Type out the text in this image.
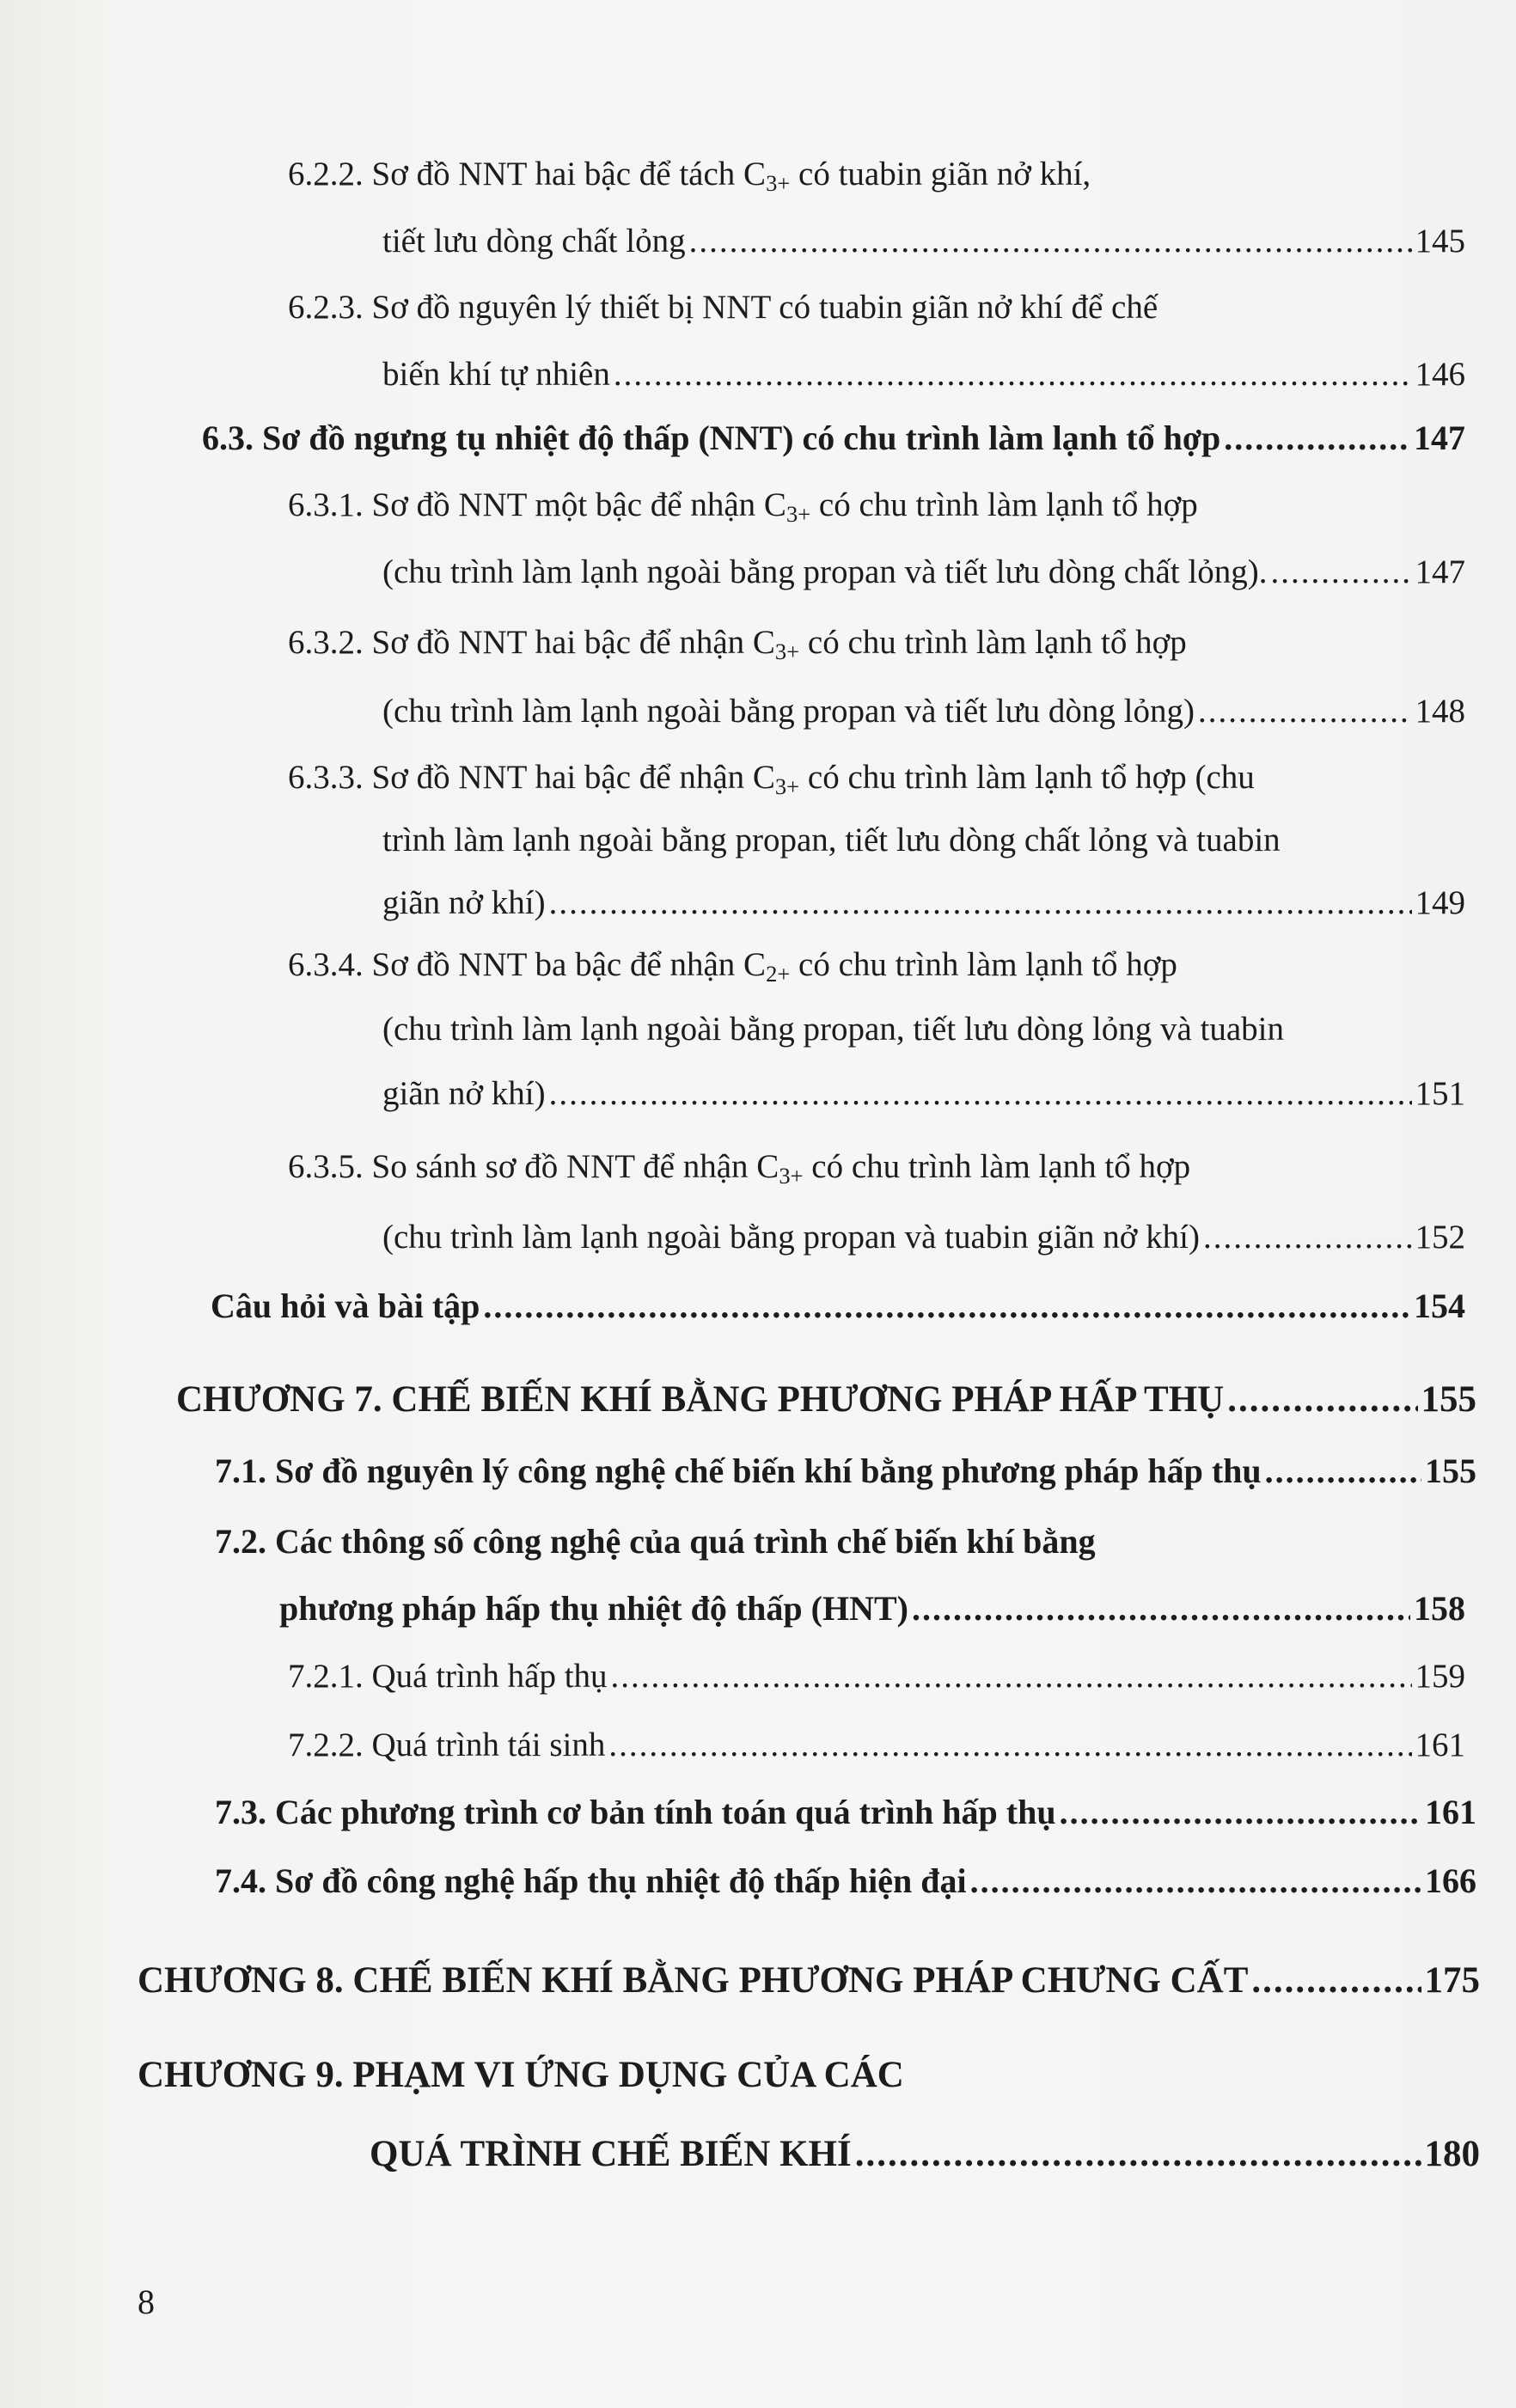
6.2.2. Sơ đồ NNT hai bậc để tách C3+ có tuabin giãn nở khí,
tiết lưu dòng chất lỏng .....	145
6.2.3. Sơ đồ nguyên lý thiết bị NNT có tuabin giãn nở khí để chế
biến khí tự nhiên .....	146
6.3. Sơ đồ ngưng tụ nhiệt độ thấp (NNT) có chu trình làm lạnh tổ hợp .....	147
6.3.1. Sơ đồ NNT một bậc để nhận C3+ có chu trình làm lạnh tổ hợp
(chu trình làm lạnh ngoài bằng propan và tiết lưu dòng chất lỏng). .....	147
6.3.2. Sơ đồ NNT hai bậc để nhận C3+ có chu trình làm lạnh tổ hợp
(chu trình làm lạnh ngoài bằng propan và tiết lưu dòng lỏng) .....	148
6.3.3. Sơ đồ NNT hai bậc để nhận C3+ có chu trình làm lạnh tổ hợp (chu
trình làm lạnh ngoài bằng propan, tiết lưu dòng chất lỏng và tuabin
giãn nở khí) .....	149
6.3.4. Sơ đồ NNT ba bậc để nhận C2+ có chu trình làm lạnh tổ hợp
(chu trình làm lạnh ngoài bằng propan, tiết lưu dòng lỏng và tuabin
giãn nở khí) .....	151
6.3.5. So sánh sơ đồ NNT để nhận C3+ có chu trình làm lạnh tổ hợp
(chu trình làm lạnh ngoài bằng propan và tuabin giãn nở khí) .....	152
Câu hỏi và bài tập .....	154
CHƯƠNG 7. CHẾ BIẾN KHÍ BẰNG PHƯƠNG PHÁP HẤP THỤ .....	155
7.1. Sơ đồ nguyên lý công nghệ chế biến khí bằng phương pháp hấp thụ .....	155
7.2. Các thông số công nghệ của quá trình chế biến khí bằng
phương pháp hấp thụ nhiệt độ thấp (HNT) .....	158
7.2.1. Quá trình hấp thụ .....	159
7.2.2. Quá trình tái sinh .....	161
7.3. Các phương trình cơ bản tính toán quá trình hấp thụ .....	161
7.4. Sơ đồ công nghệ hấp thụ nhiệt độ thấp hiện đại .....	166
CHƯƠNG 8. CHẾ BIẾN KHÍ BẰNG PHƯƠNG PHÁP CHƯNG CẤT .....	175
CHƯƠNG 9. PHẠM VI ỨNG DỤNG CỦA CÁC
QUÁ TRÌNH CHẾ BIẾN KHÍ .....	180
8
